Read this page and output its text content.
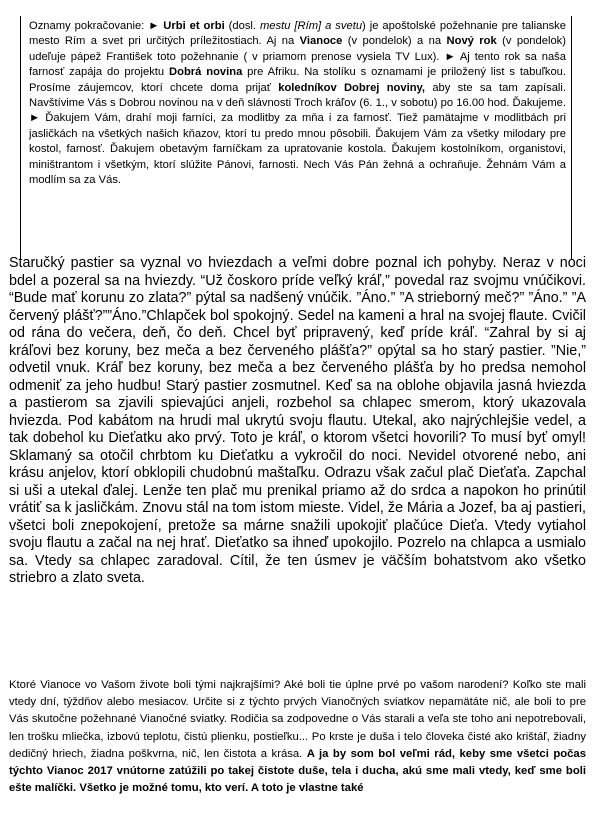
Oznamy pokračovanie: ► Urbi et orbi (dosl. mestu [Rím] a svetu) je apoštolské požehnanie pre talianske mesto Rím a svet pri určitých príležitostiach. Aj na Vianoce (v pondelok) a na Nový rok (v pondelok) udeľuje pápež František toto požehnanie ( v priamom prenose vysiela TV Lux). ► Aj tento rok sa naša farnosť zapája do projektu Dobrá novina pre Afriku. Na stolíku s oznamami je priložený list s tabuľkou. Prosíme záujemcov, ktorí chcete doma prijať koledníkov Dobrej noviny, aby ste sa tam zapísali. Navštívime Vás s Dobrou novinou na v deň slávnosti Troch kráľov (6. 1., v sobotu) po 16.00 hod. Ďakujeme. ► Ďakujem Vám, drahí moji farníci, za modlitby za mňa i za farnosť. Tiež pamätajme v modlitbách pri jasličkách na všetkých našich kňazov, ktorí tu predo mnou pôsobili. Ďakujem Vám za všetky milodary pre kostol, farnosť. Ďakujem obetavým farníčkam za upratovanie kostola. Ďakujem kostolníkom, organistovi, miništrantom i všetkým, ktorí slúžite Pánovi, farnosti. Nech Vás Pán žehná a ochraňuje. Žehnám Vám a modlím sa za Vás.

Staručký pastier sa vyznal vo hviezdach a veľmi dobre poznal ich pohyby. Neraz v noci bdel a pozeral sa na hviezdy. “Už čoskoro príde veľký kráľ,” povedal raz svojmu vnúčikovi. “Bude mať korunu zo zlata?” pýtal sa nadšený vnúčik. ”Áno.” ”A strieborný meč?” ”Áno.” ”A červený plášť?””Áno.”Chlapček bol spokojný. Sedel na kameni a hral na svojej flaute. Cvičil od rána do večera, deň, čo deň. Chcel byť pripravený, keď príde kráľ. “Zahral by si aj kráľovi bez koruny, bez meča a bez červeného plášťa?” opýtal sa ho starý pastier. ”Nie,” odvetil vnuk. Kráľ bez koruny, bez meča a bez červeného plášťa by ho predsa nemohol odmeniť za jeho hudbu! Starý pastier zosmutnel. Keď sa na oblohe objavila jasná hviezda a pastierom sa zjavili spievajúci anjeli, rozbehol sa chlapec smerom, ktorý ukazovala hviezda. Pod kabátom na hrudi mal ukrytú svoju flautu. Utekal, ako najrýchlejšie vedel, a tak dobehol ku Dieťatku ako prvý. Toto je kráľ, o ktorom všetci hovorili? To musí byť omyl! Sklamaný sa otočil chrbtom ku Dieťatku a vykročil do noci. Nevidel otvorené nebo, ani krásu anjelov, ktorí obklopili chudobnú maštaľku. Odrazu však začul plač Dieťaťa. Zapchal si uši a utekal ďalej. Lenže ten plač mu prenikal priamo až do srdca a napokon ho prinútil vrátiť sa k jasličkám. Znovu stál na tom istom mieste. Videl, že Mária a Jozef, ba aj pastieri, všetci boli znepokojení, pretože sa márne snažili upokojiť plačúce Dieťa. Vtedy vytiahol svoju flautu a začal na nej hrať. Dieťatko sa ihneď upokojilo. Pozrelo na chlapca a usmialo sa. Vtedy sa chlapec zaradoval. Cítil, že ten úsmev je väčším bohatstvom ako všetko striebro a zlato sveta.

Ktoré Vianoce vo Vašom živote boli tými najkrajšími? Aké boli tie úplne prvé po vašom narodení? Koľko ste mali vtedy dní, týždňov alebo mesiacov. Určite si z týchto prvých Vianočných sviatkov nepamätáte nič, ale boli to pre Vás skutočne požehnané Vianočné sviatky. Rodičia sa zodpovedne o Vás starali a veľa ste toho ani nepotrebovali, len trošku mliečka, izbovú teplotu, čistú plienku, postieľku... Po krste je duša i telo človeka čisté ako krištáľ, žiadny dedičný hriech, žiadna poškvrna, nič, len čistota a krása. A ja by som bol veľmi rád, keby sme všetci počas týchto Vianoc 2017 vnútorne zatúžili po takej čistote duše, tela i ducha, akú sme mali vtedy, keď sme boli ešte malíčki. Všetko je možné tomu, kto verí. A toto je vlastne také
